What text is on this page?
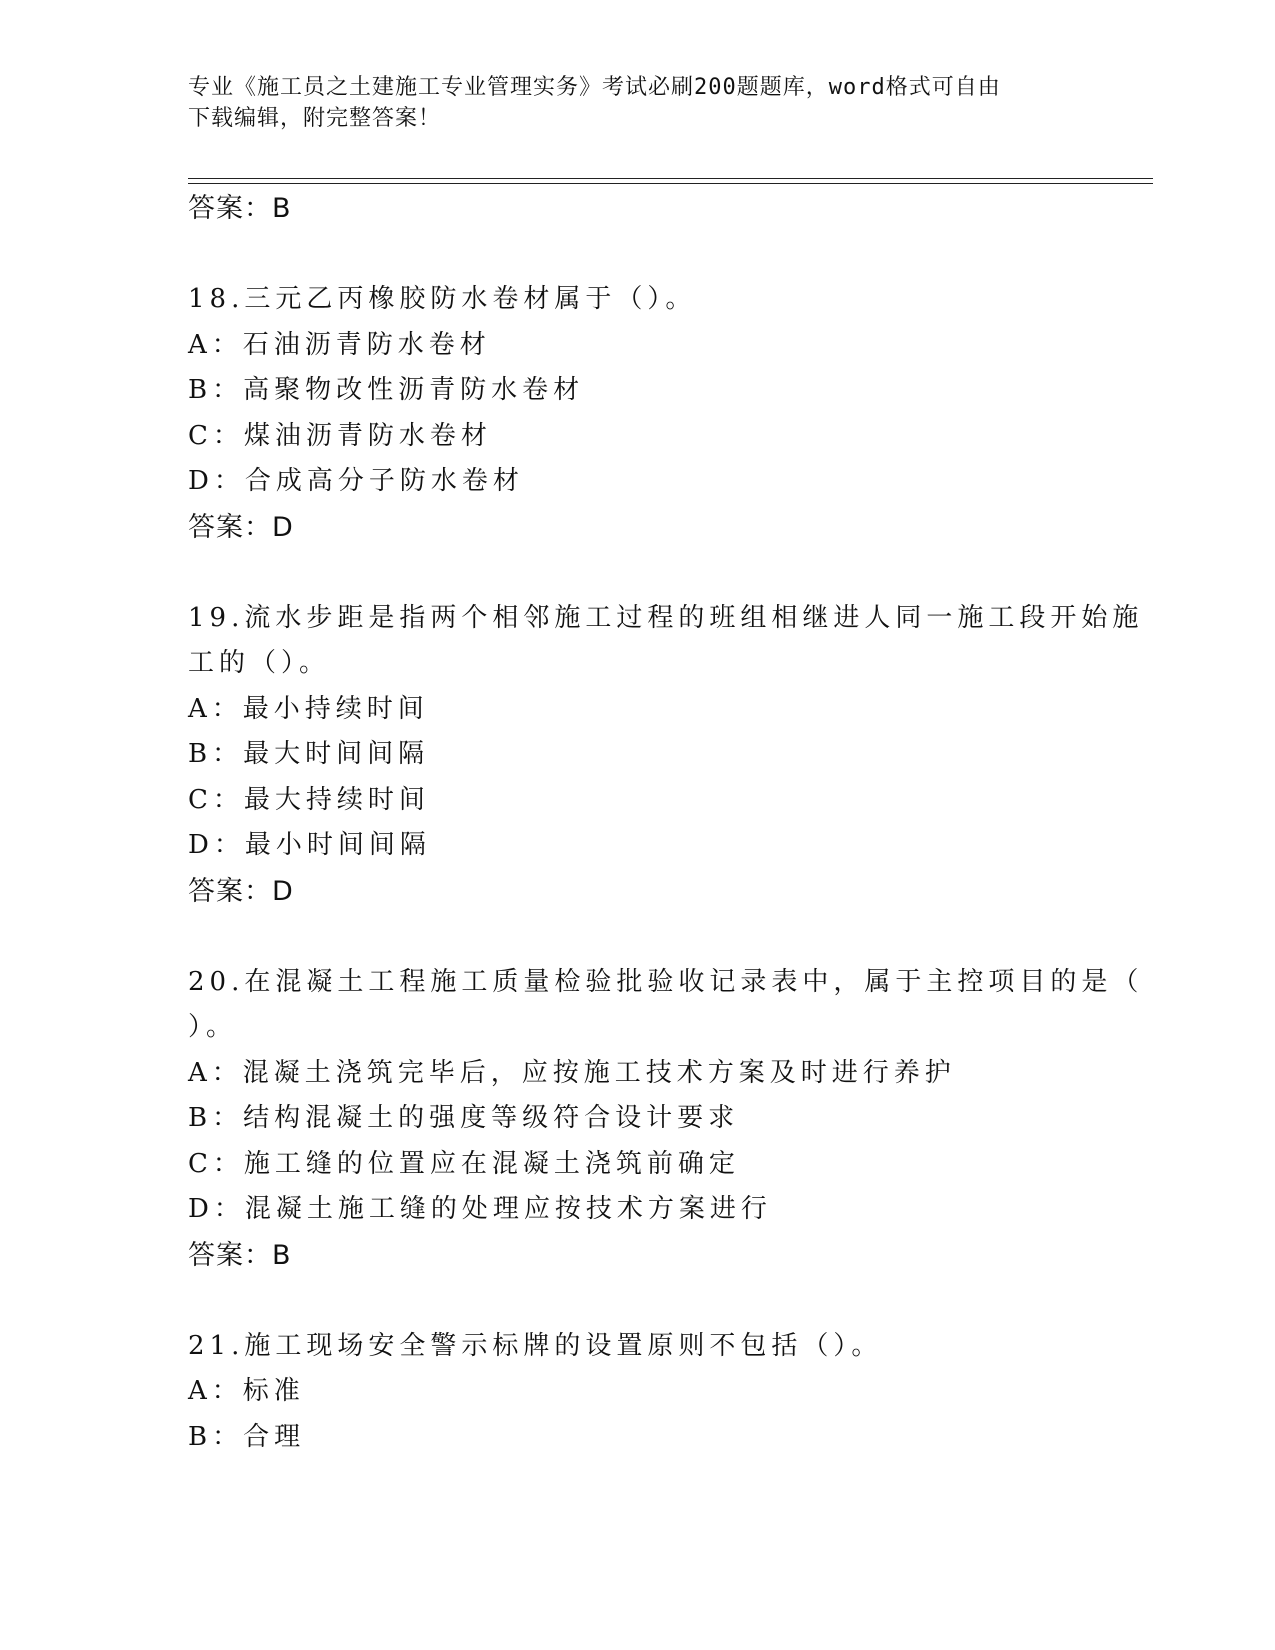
专业《施工员之土建施工专业管理实务》考试必刷200题题库，word格式可自由
下载编辑，附完整答案！
答案：B
18.三元乙丙橡胶防水卷材属于（）。
A：石油沥青防水卷材
B：高聚物改性沥青防水卷材
C：煤油沥青防水卷材
D：合成高分子防水卷材
答案：D
19.流水步距是指两个相邻施工过程的班组相继进人同一施工段开始施
工的（）。
A：最小持续时间
B：最大时间间隔
C：最大持续时间
D：最小时间间隔
答案：D
20.在混凝土工程施工质量检验批验收记录表中，属于主控项目的是（
）。
A：混凝土浇筑完毕后，应按施工技术方案及时进行养护
B：结构混凝土的强度等级符合设计要求
C：施工缝的位置应在混凝土浇筑前确定
D：混凝土施工缝的处理应按技术方案进行
答案：B
21.施工现场安全警示标牌的设置原则不包括（）。
A：标准
B：合理
